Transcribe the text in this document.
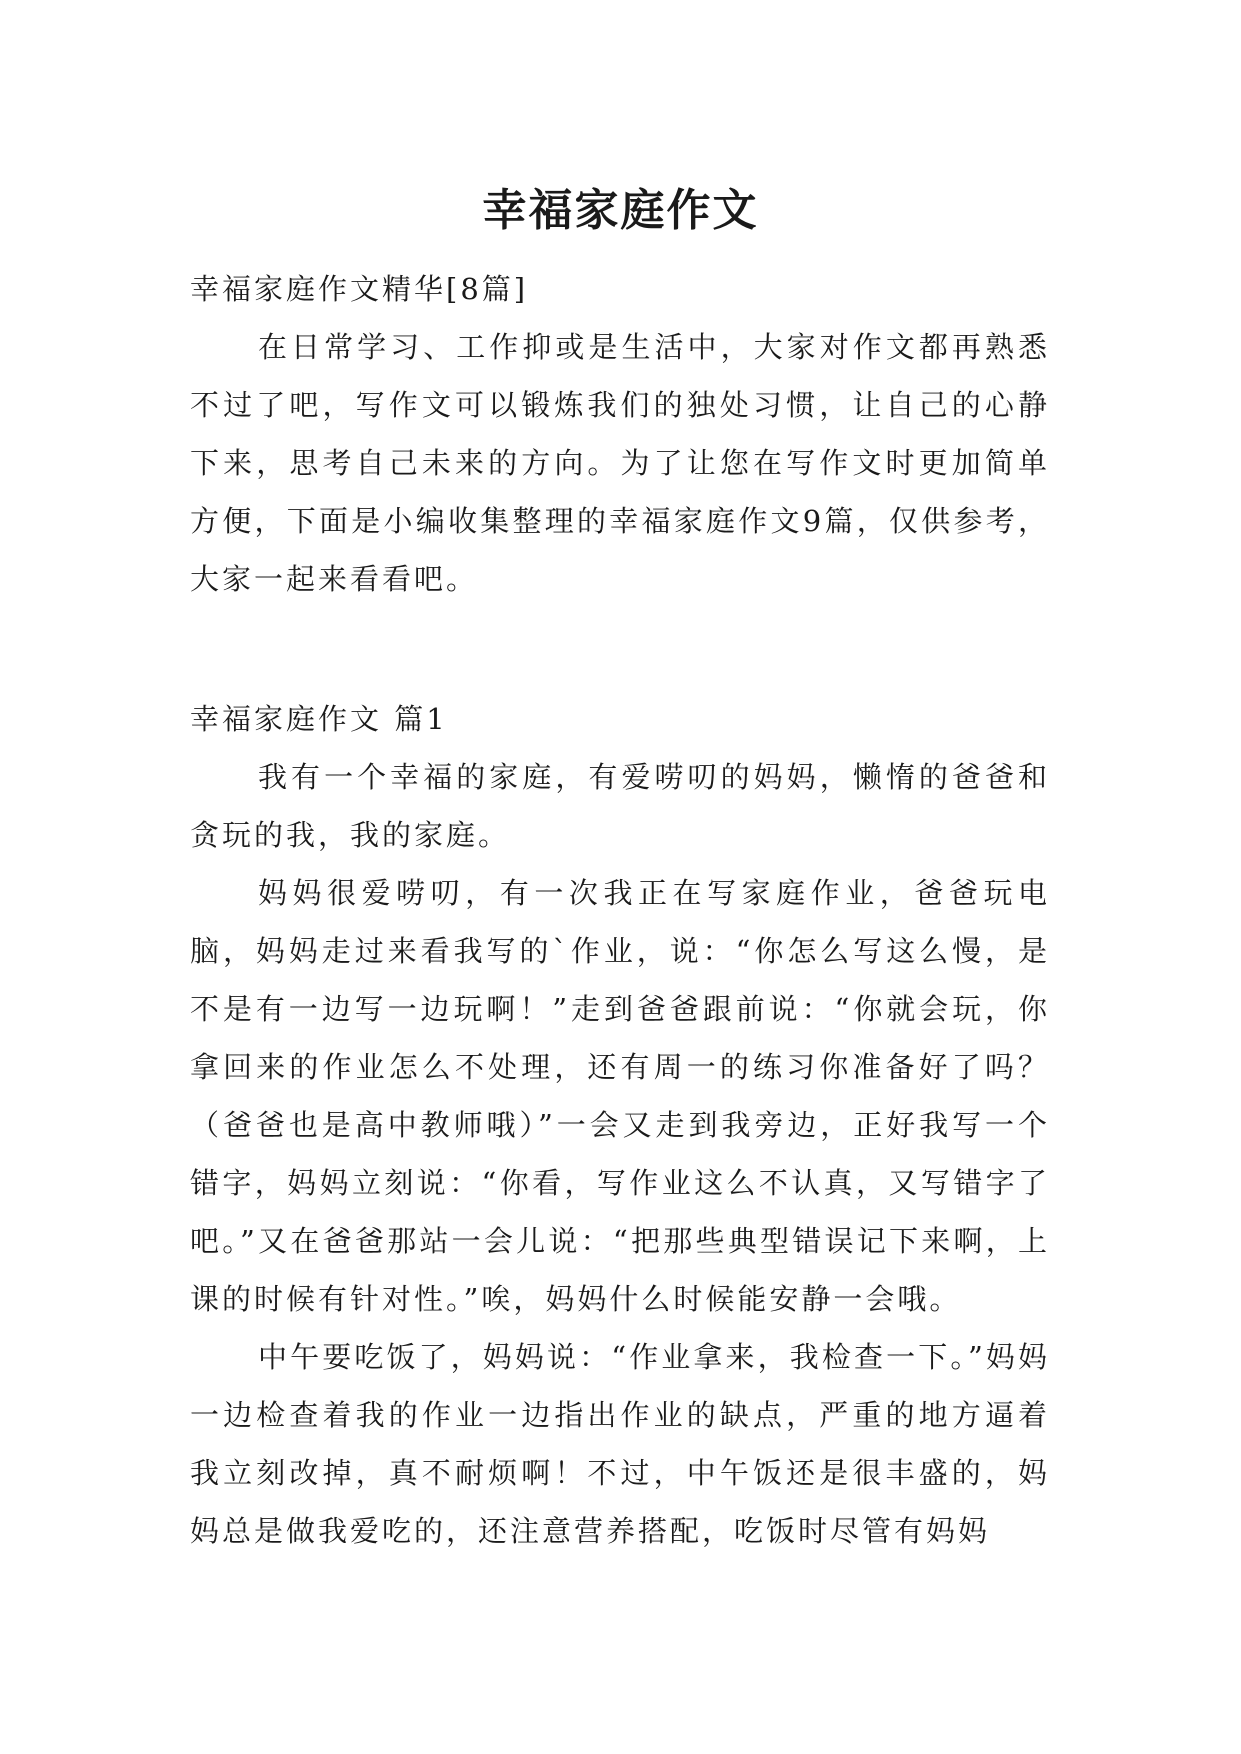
幸福家庭作文

幸福家庭作文精华[8篇]

在日常学习、工作抑或是生活中，大家对作文都再熟悉不过了吧，写作文可以锻炼我们的独处习惯，让自己的心静下来，思考自己未来的方向。为了让您在写作文时更加简单方便，下面是小编收集整理的幸福家庭作文9篇，仅供参考，大家一起来看看吧。

幸福家庭作文 篇1

我有一个幸福的家庭，有爱唠叨的妈妈，懒惰的爸爸和贪玩的我，我的家庭。

妈妈很爱唠叨，有一次我正在写家庭作业，爸爸玩电脑，妈妈走过来看我写的`作业，说：“你怎么写这么慢，是不是有一边写一边玩啊！”走到爸爸跟前说：“你就会玩，你拿回来的作业怎么不处理，还有周一的练习你准备好了吗？（爸爸也是高中教师哦）”一会又走到我旁边，正好我写一个错字，妈妈立刻说：“你看，写作业这么不认真，又写错字了吧。”又在爸爸那站一会儿说：“把那些典型错误记下来啊，上课的时候有针对性。”唉，妈妈什么时候能安静一会哦。

中午要吃饭了，妈妈说：“作业拿来，我检查一下。”妈妈一边检查着我的作业一边指出作业的缺点，严重的地方逼着我立刻改掉，真不耐烦啊！不过，中午饭还是很丰盛的，妈妈总是做我爱吃的，还注意营养搭配，吃饭时尽管有妈妈
